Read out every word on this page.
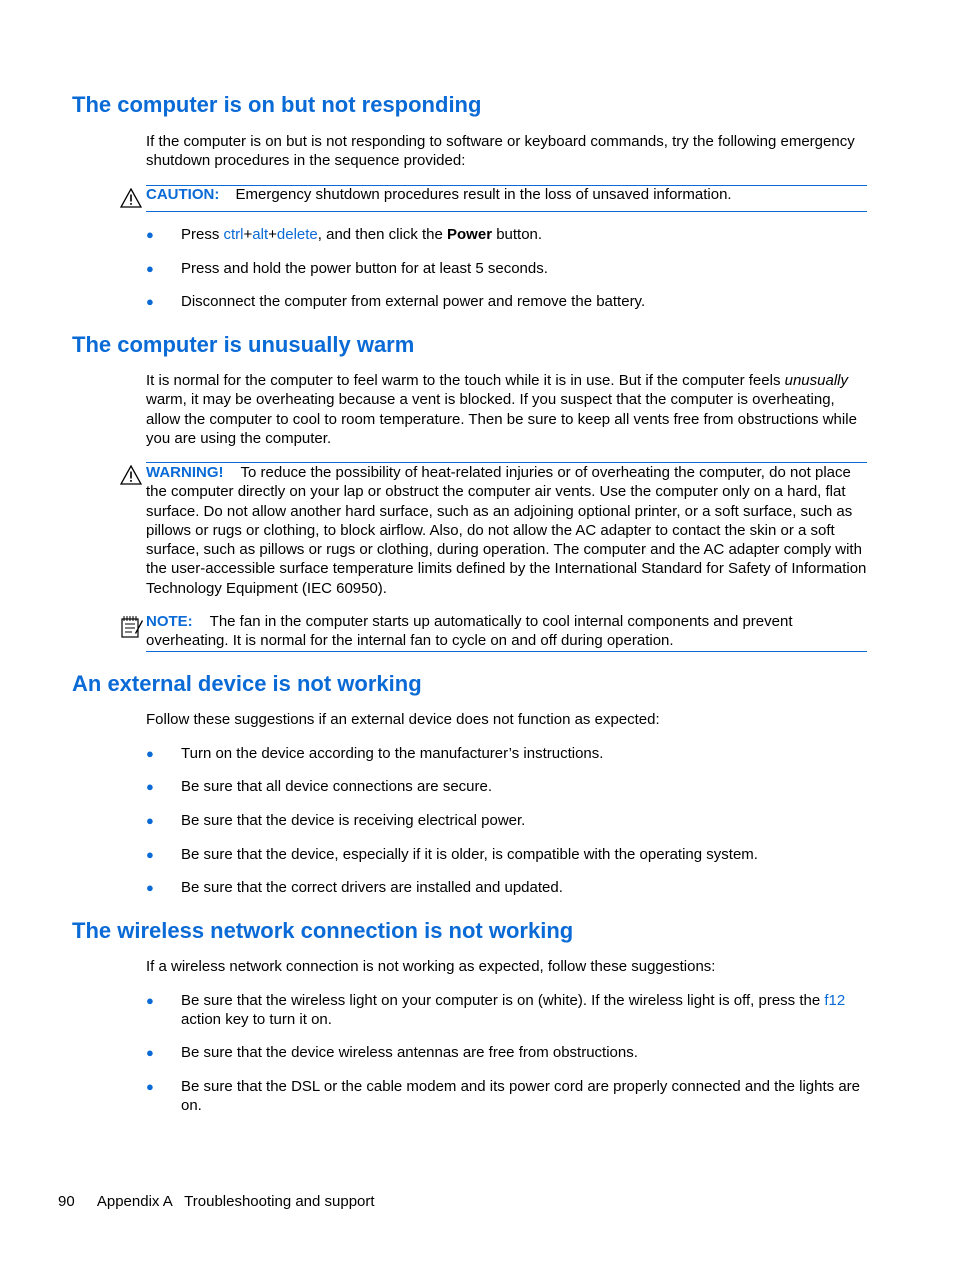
The computer is on but not responding

If the computer is on but is not responding to software or keyboard commands, try the following emergency shutdown procedures in the sequence provided:

CAUTION: Emergency shutdown procedures result in the loss of unsaved information.
● Press ctrl+alt+delete, and then click the Power button.
● Press and hold the power button for at least 5 seconds.
● Disconnect the computer from external power and remove the battery.
The computer is unusually warm

It is normal for the computer to feel warm to the touch while it is in use. But if the computer feels unusually warm, it may be overheating because a vent is blocked. If you suspect that the computer is overheating, allow the computer to cool to room temperature. Then be sure to keep all vents free from obstructions while you are using the computer.

WARNING! To reduce the possibility of heat-related injuries or of overheating the computer, do not place the computer directly on your lap or obstruct the computer air vents. Use the computer only on a hard, flat surface. Do not allow another hard surface, such as an adjoining optional printer, or a soft surface, such as pillows or rugs or clothing, to block airflow. Also, do not allow the AC adapter to contact the skin or a soft surface, such as pillows or rugs or clothing, during operation. The computer and the AC adapter comply with the user-accessible surface temperature limits defined by the International Standard for Safety of Information Technology Equipment (IEC 60950).

NOTE: The fan in the computer starts up automatically to cool internal components and prevent overheating. It is normal for the internal fan to cycle on and off during operation.

An external device is not working

Follow these suggestions if an external device does not function as expected:

● Turn on the device according to the manufacturer’s instructions.
● Be sure that all device connections are secure.
● Be sure that the device is receiving electrical power.
● Be sure that the device, especially if it is older, is compatible with the operating system.
● Be sure that the correct drivers are installed and updated.
The wireless network connection is not working

If a wireless network connection is not working as expected, follow these suggestions:

● Be sure that the wireless light on your computer is on (white). If the wireless light is off, press the f12 action key to turn it on.
● Be sure that the device wireless antennas are free from obstructions.
● Be sure that the DSL or the cable modem and its power cord are properly connected and the lights are on.
90 Appendix A   Troubleshooting and support
